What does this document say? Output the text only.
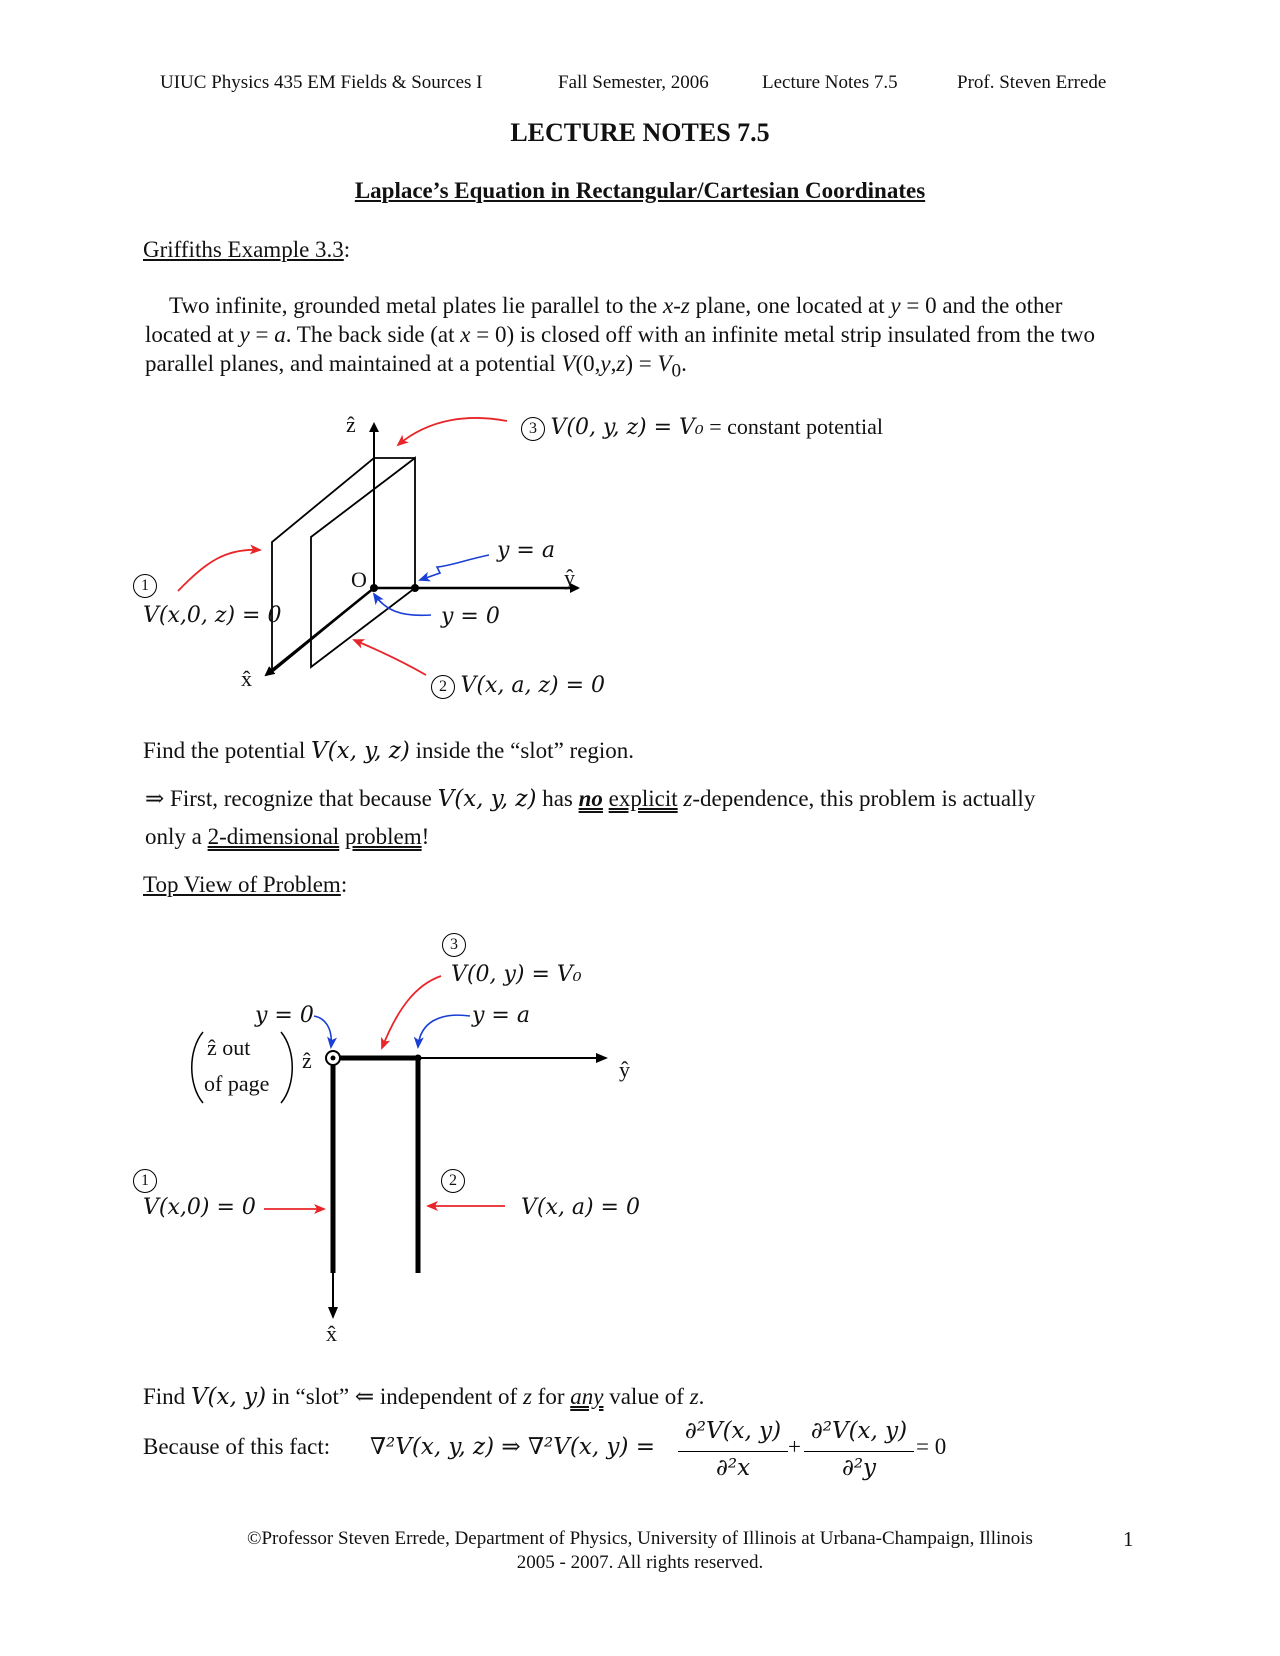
UIUC Physics 435 EM Fields & Sources I	Fall Semester, 2006	Lecture Notes 7.5	Prof. Steven Errede
LECTURE NOTES 7.5
Laplace’s Equation in Rectangular/Cartesian Coordinates
Griffiths Example 3.3:
Two infinite, grounded metal plates lie parallel to the x-z plane, one located at y = 0 and the other located at y = a. The back side (at x = 0) is closed off with an infinite metal strip insulated from the two parallel planes, and maintained at a potential $V(0,y,z) = V_0$.
ẑ
ŷ
x̂
O
3 V(0, y, z) = V₀ = constant potential
1
V(x,0, z) = 0
2 V(x, a, z) = 0
y = a
y = 0
Find the potential V(x, y, z) inside the “slot” region.
⇒ First, recognize that because V(x, y, z) has no explicit z-dependence, this problem is actually
only a 2-dimensional problem!
Top View of Problem:
3
V(0, y) = V₀
y = a
y = 0
ẑ out
of page
ẑ	ŷ
x̂
1
V(x,0) = 0
2
V(x, a) = 0
Find V(x, y) in “slot” ⇐ independent of z for any value of z.
Because of this fact: ∇²V(x, y, z) ⇒ ∇²V(x, y) =
∂²V(x, y)
∂²x
+
∂²V(x, y)
∂²y
= 0
©Professor Steven Errede, Department of Physics, University of Illinois at Urbana-Champaign, Illinois
2005 - 2007. All rights reserved.
1
